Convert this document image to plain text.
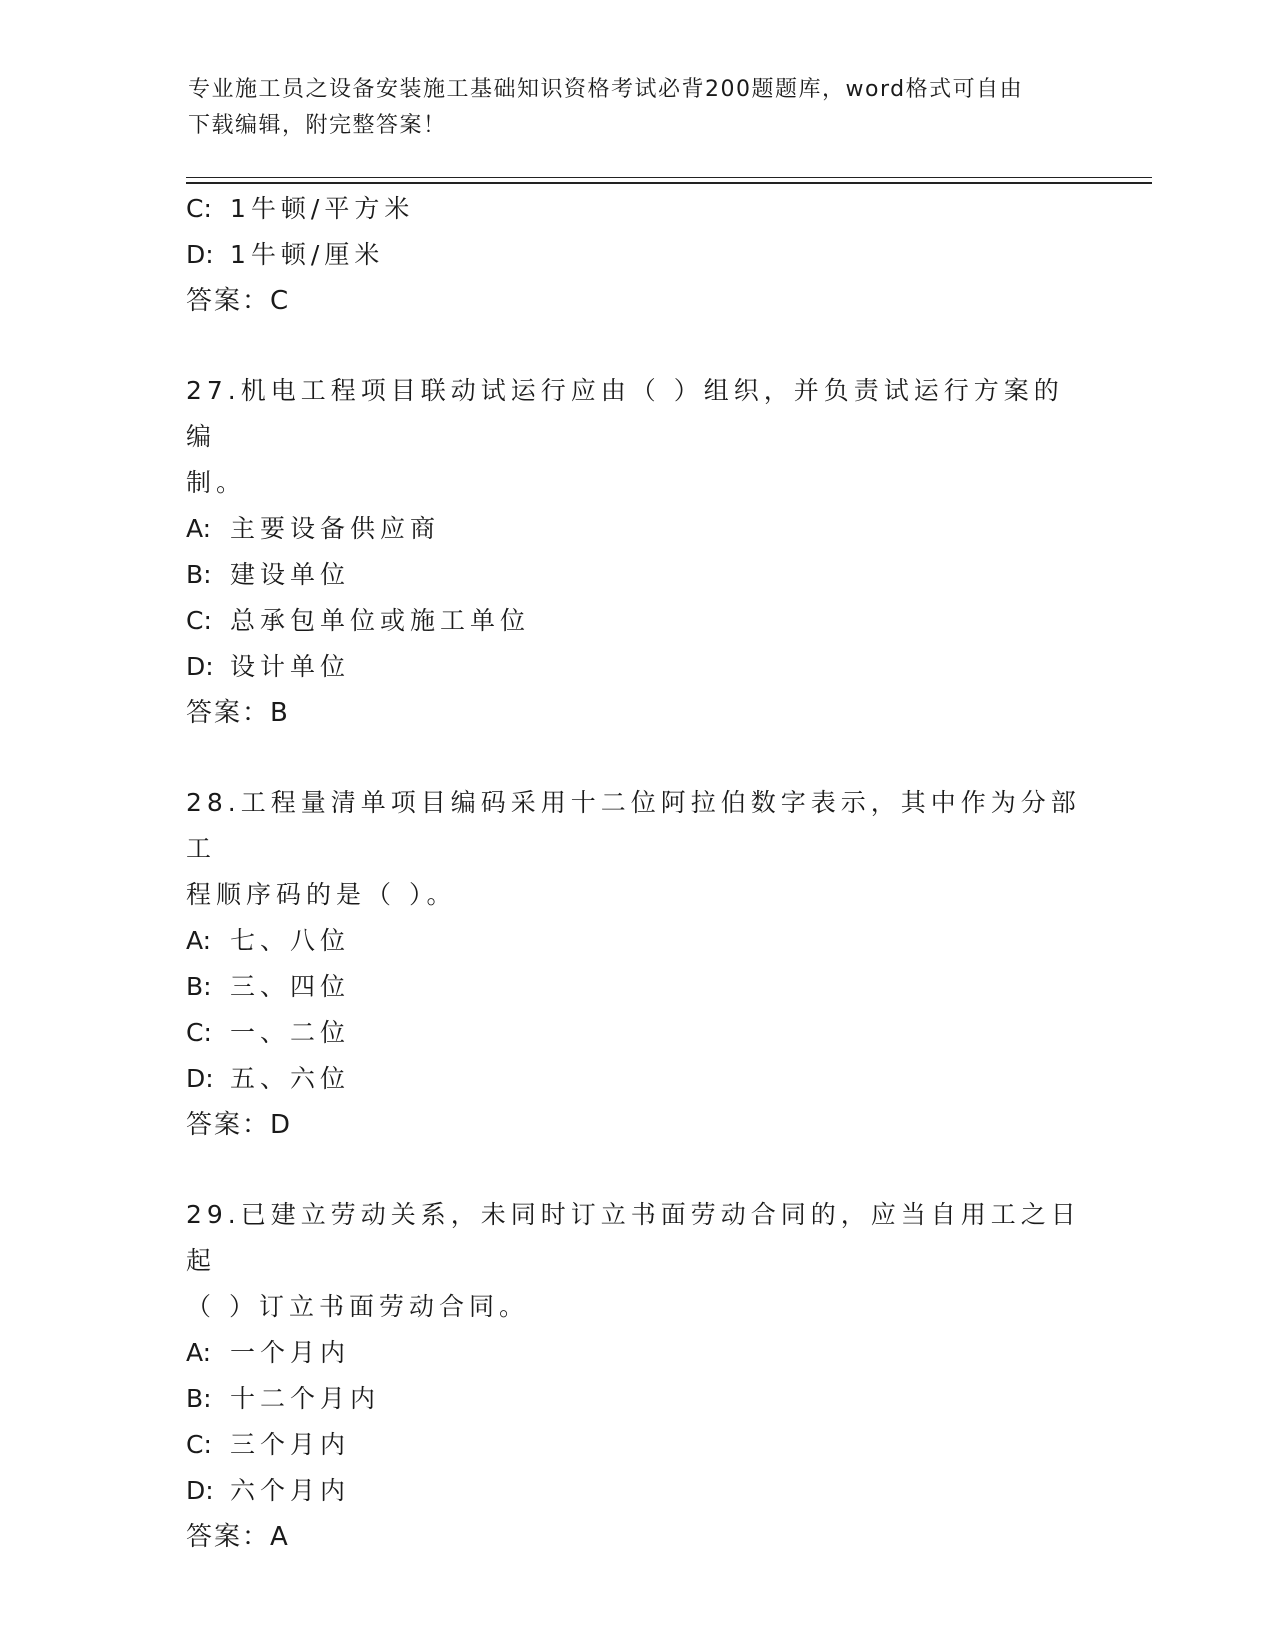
专业施工员之设备安装施工基础知识资格考试必背200题题库，word格式可自由
下载编辑，附完整答案！
C: 1牛顿/平方米
D: 1牛顿/厘米
答案：C
27.机电工程项目联动试运行应由（ ）组织，并负责试运行方案的编
制。
A: 主要设备供应商
B: 建设单位
C: 总承包单位或施工单位
D: 设计单位
答案：B
28.工程量清单项目编码采用十二位阿拉伯数字表示，其中作为分部工
程顺序码的是（ ）。
A: 七、八位
B: 三、四位
C: 一、二位
D: 五、六位
答案：D
29.已建立劳动关系，未同时订立书面劳动合同的，应当自用工之日起
（ ）订立书面劳动合同。
A: 一个月内
B: 十二个月内
C: 三个月内
D: 六个月内
答案：A
